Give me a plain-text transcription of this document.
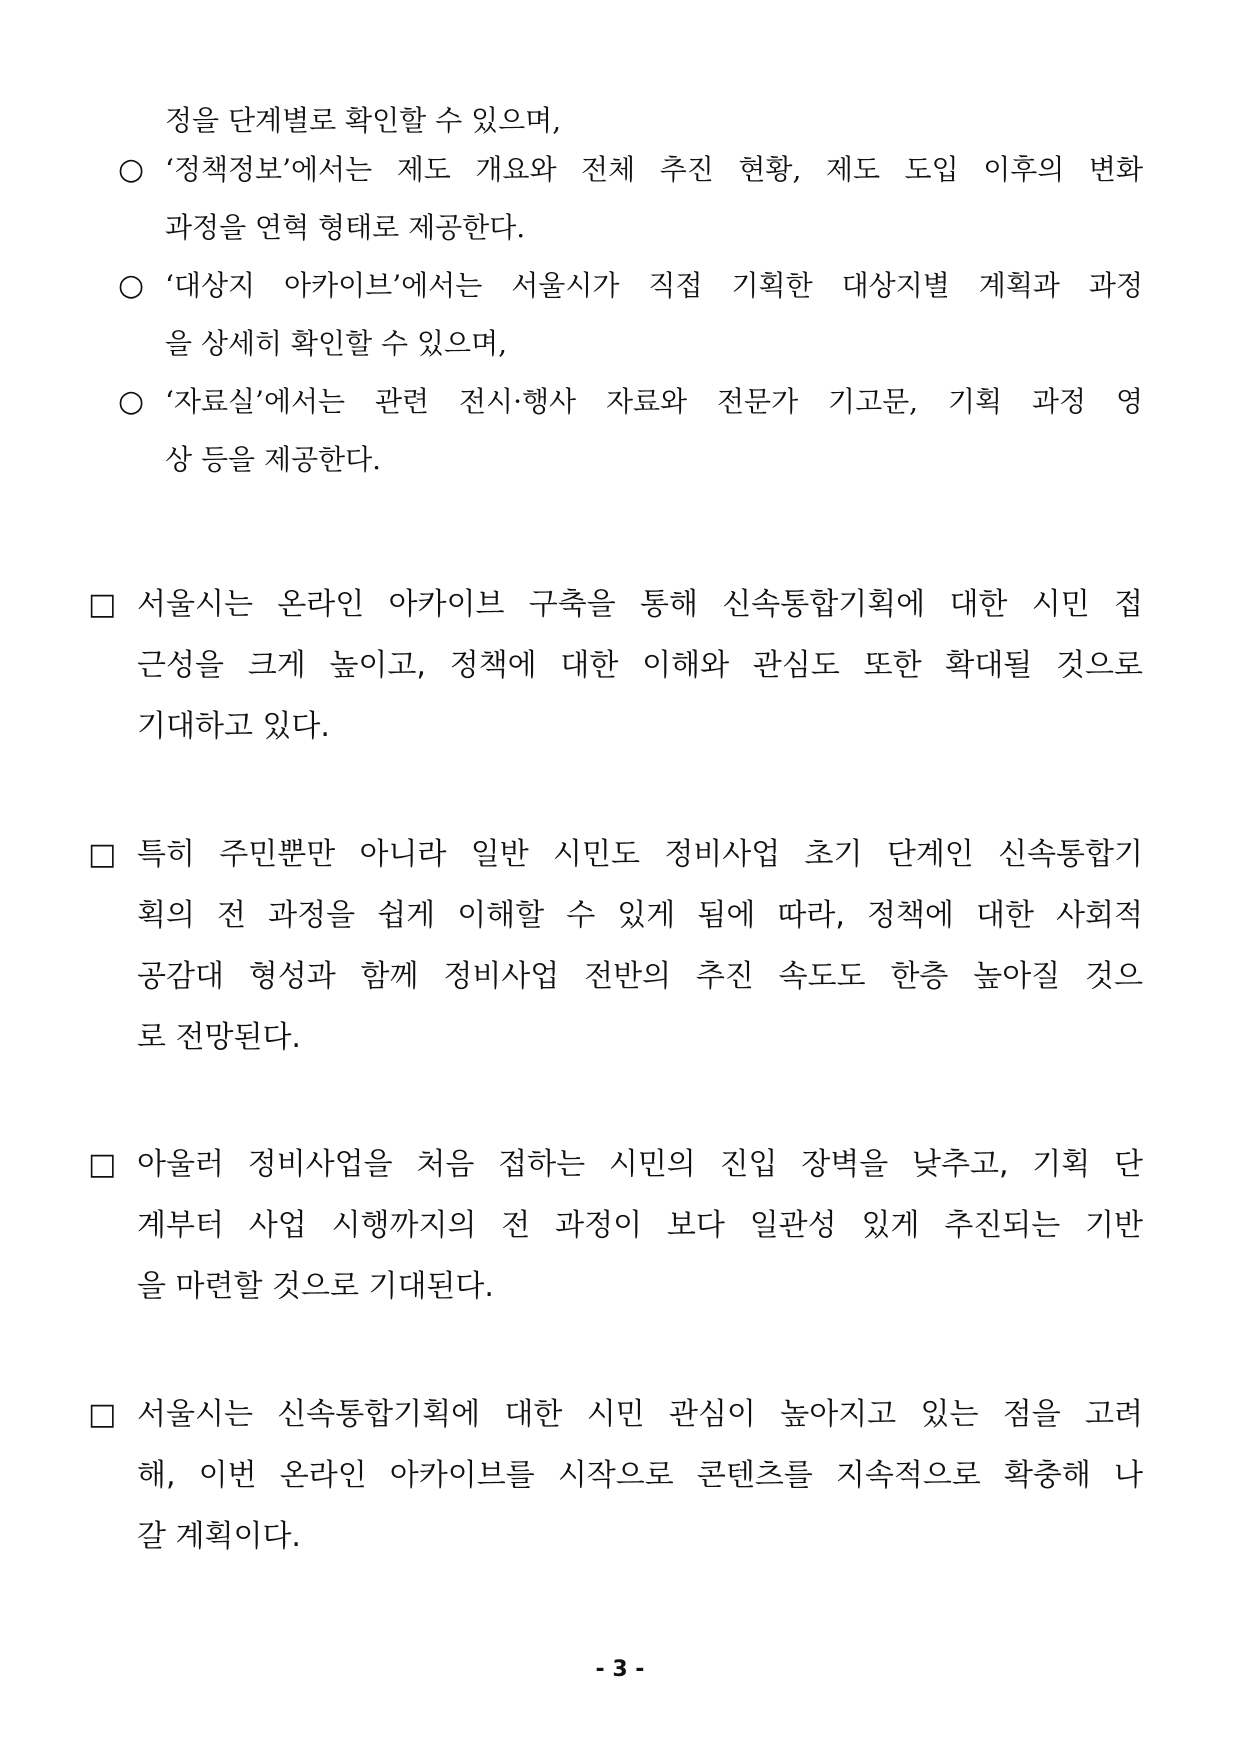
정을 단계별로 확인할 수 있으며,
○ ‘정책정보’에서는 제도 개요와 전체 추진 현황, 제도 도입 이후의 변화
과정을 연혁 형태로 제공한다.
○ ‘대상지 아카이브’에서는 서울시가 직접 기획한 대상지별 계획과 과정
을 상세히 확인할 수 있으며,
○ ‘자료실’에서는 관련 전시·행사 자료와 전문가 기고문, 기획 과정 영
상 등을 제공한다.
□ 서울시는 온라인 아카이브 구축을 통해 신속통합기획에 대한 시민 접
근성을 크게 높이고, 정책에 대한 이해와 관심도 또한 확대될 것으로
기대하고 있다.
□ 특히 주민뿐만 아니라 일반 시민도 정비사업 초기 단계인 신속통합기
획의 전 과정을 쉽게 이해할 수 있게 됨에 따라, 정책에 대한 사회적
공감대 형성과 함께 정비사업 전반의 추진 속도도 한층 높아질 것으
로 전망된다.
□ 아울러 정비사업을 처음 접하는 시민의 진입 장벽을 낮추고, 기획 단
계부터 사업 시행까지의 전 과정이 보다 일관성 있게 추진되는 기반
을 마련할 것으로 기대된다.
□ 서울시는 신속통합기획에 대한 시민 관심이 높아지고 있는 점을 고려
해, 이번 온라인 아카이브를 시작으로 콘텐츠를 지속적으로 확충해 나
갈 계획이다.
- 3 -
